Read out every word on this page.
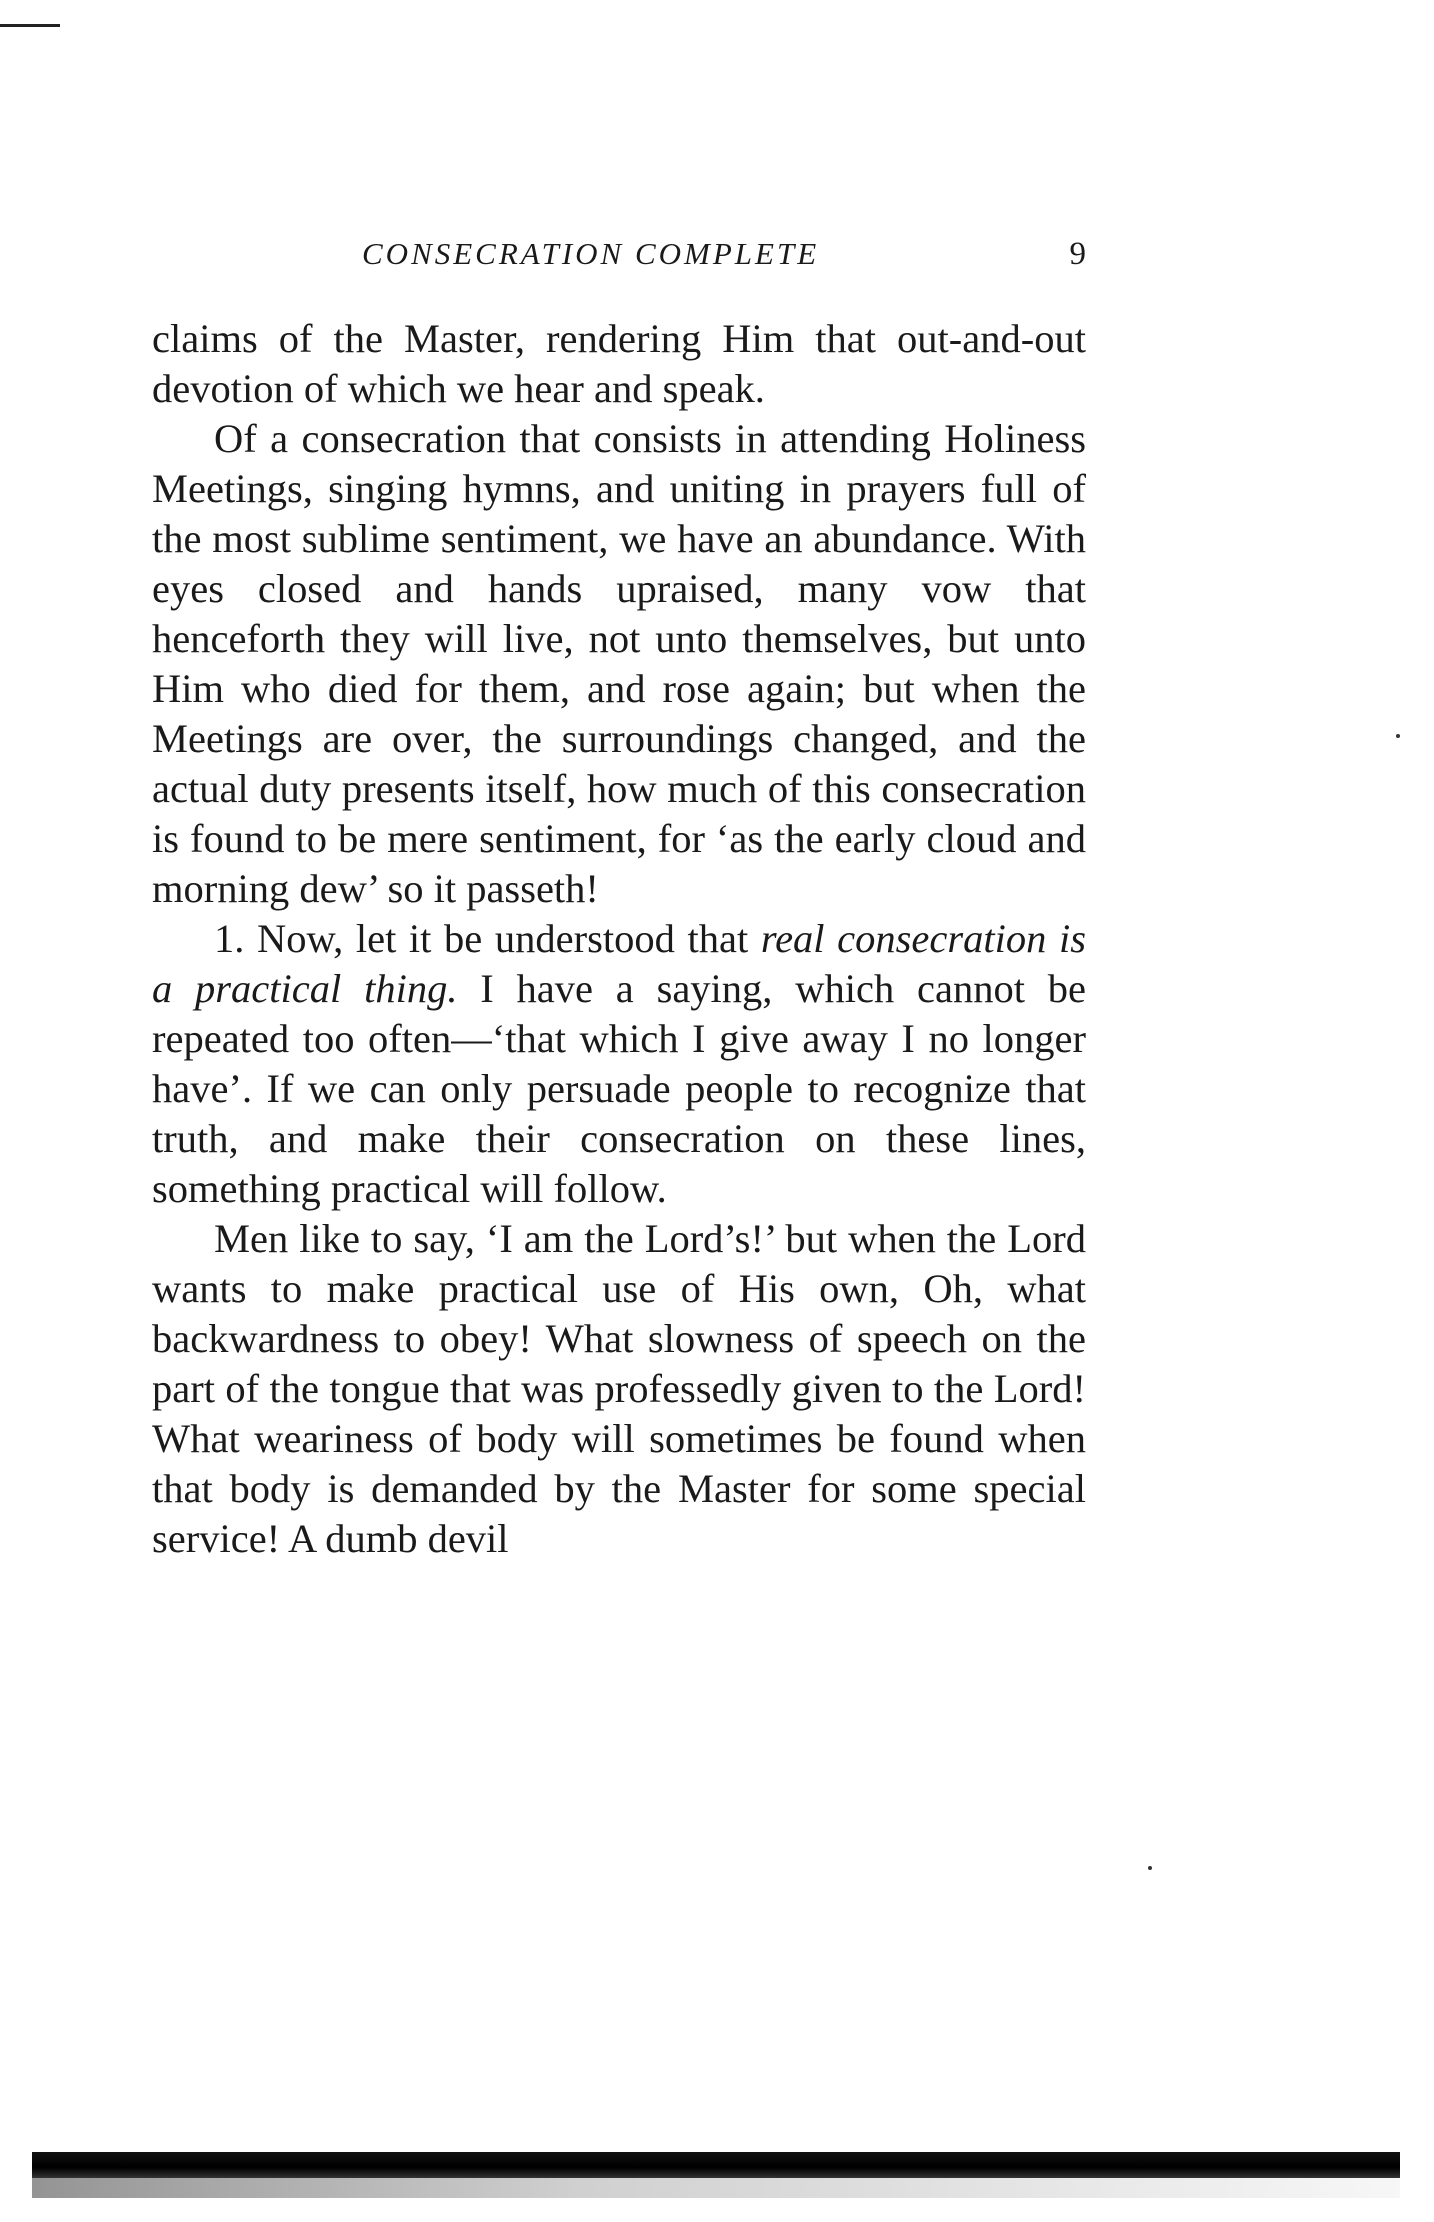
CONSECRATION COMPLETE	9

claims of the Master, rendering Him that out-and-out devotion of which we hear and speak.

Of a consecration that consists in attending Holiness Meetings, singing hymns, and uniting in prayers full of the most sublime sentiment, we have an abundance. With eyes closed and hands upraised, many vow that henceforth they will live, not unto themselves, but unto Him who died for them, and rose again; but when the Meetings are over, the surroundings changed, and the actual duty presents itself, how much of this consecration is found to be mere sentiment, for ‘as the early cloud and morning dew’ so it passeth!

1. Now, let it be understood that real consecration is a practical thing. I have a saying, which cannot be repeated too often—‘that which I give away I no longer have’. If we can only persuade people to recognize that truth, and make their consecration on these lines, something practical will follow.

Men like to say, ‘I am the Lord’s!’ but when the Lord wants to make practical use of His own, Oh, what backwardness to obey! What slowness of speech on the part of the tongue that was professedly given to the Lord! What weariness of body will sometimes be found when that body is demanded by the Master for some special service! A dumb devil
